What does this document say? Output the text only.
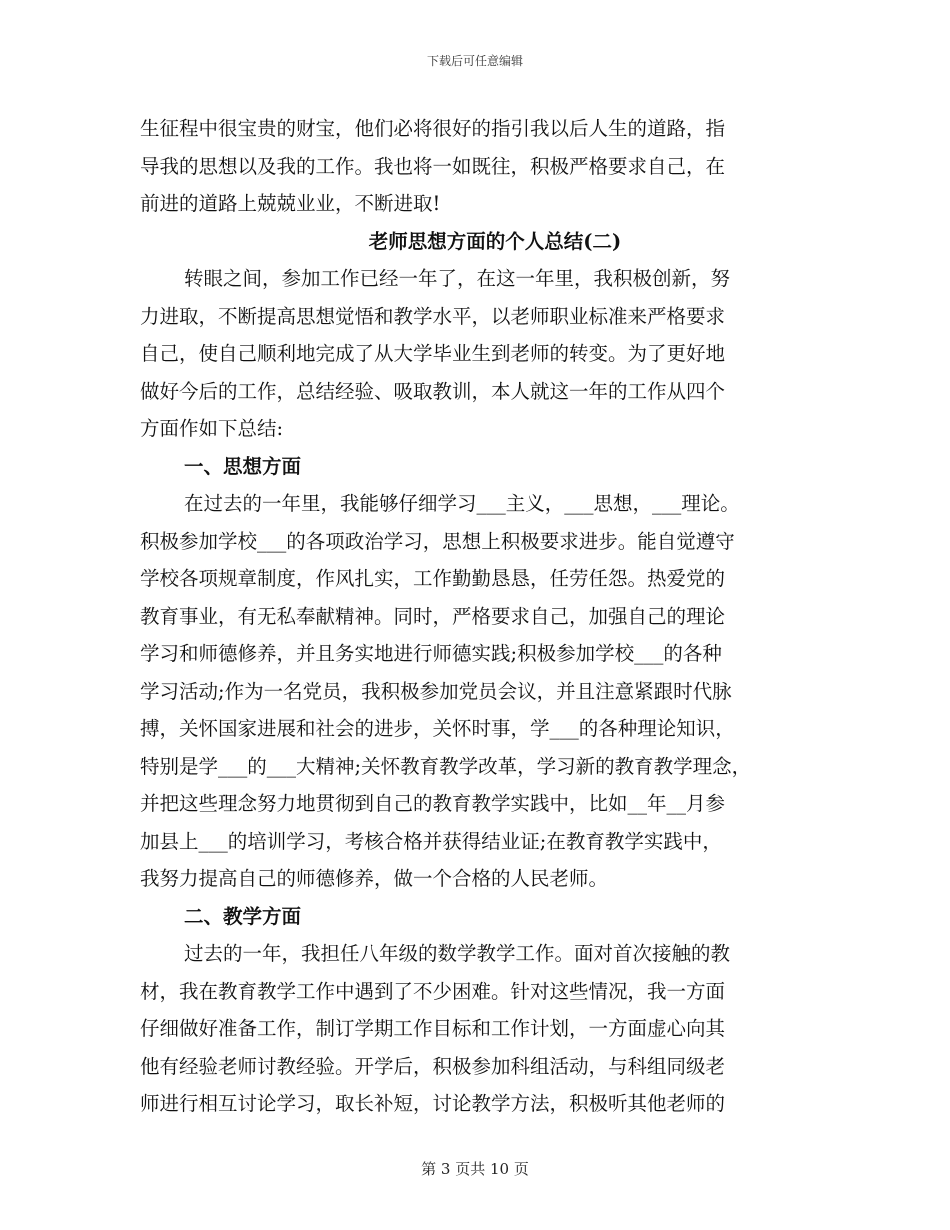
下载后可任意编辑
生征程中很宝贵的财宝，他们必将很好的指引我以后人生的道路，指
导我的思想以及我的工作。我也将一如既往，积极严格要求自己，在
前进的道路上兢兢业业，不断进取!
老师思想方面的个人总结(二)
转眼之间，参加工作已经一年了，在这一年里，我积极创新，努
力进取，不断提高思想觉悟和教学水平，以老师职业标准来严格要求
自己，使自己顺利地完成了从大学毕业生到老师的转变。为了更好地
做好今后的工作，总结经验、吸取教训，本人就这一年的工作从四个
方面作如下总结:
一、思想方面
在过去的一年里，我能够仔细学习___主义，___思想，___理论。
积极参加学校___的各项政治学习，思想上积极要求进步。能自觉遵守
学校各项规章制度，作风扎实，工作勤勤恳恳，任劳任怨。热爱党的
教育事业，有无私奉献精神。同时，严格要求自己，加强自己的理论
学习和师德修养，并且务实地进行师德实践;积极参加学校___的各种
学习活动;作为一名党员，我积极参加党员会议，并且注意紧跟时代脉
搏，关怀国家进展和社会的进步，关怀时事，学___的各种理论知识，
特别是学___的___大精神;关怀教育教学改革，学习新的教育教学理念，
并把这些理念努力地贯彻到自己的教育教学实践中，比如__年__月参
加县上___的培训学习，考核合格并获得结业证;在教育教学实践中，
我努力提高自己的师德修养，做一个合格的人民老师。
二、教学方面
过去的一年，我担任八年级的数学教学工作。面对首次接触的教
材，我在教育教学工作中遇到了不少困难。针对这些情况，我一方面
仔细做好准备工作，制订学期工作目标和工作计划，一方面虚心向其
他有经验老师讨教经验。开学后，积极参加科组活动，与科组同级老
师进行相互讨论学习，取长补短，讨论教学方法，积极听其他老师的
第 3 页共 10 页
